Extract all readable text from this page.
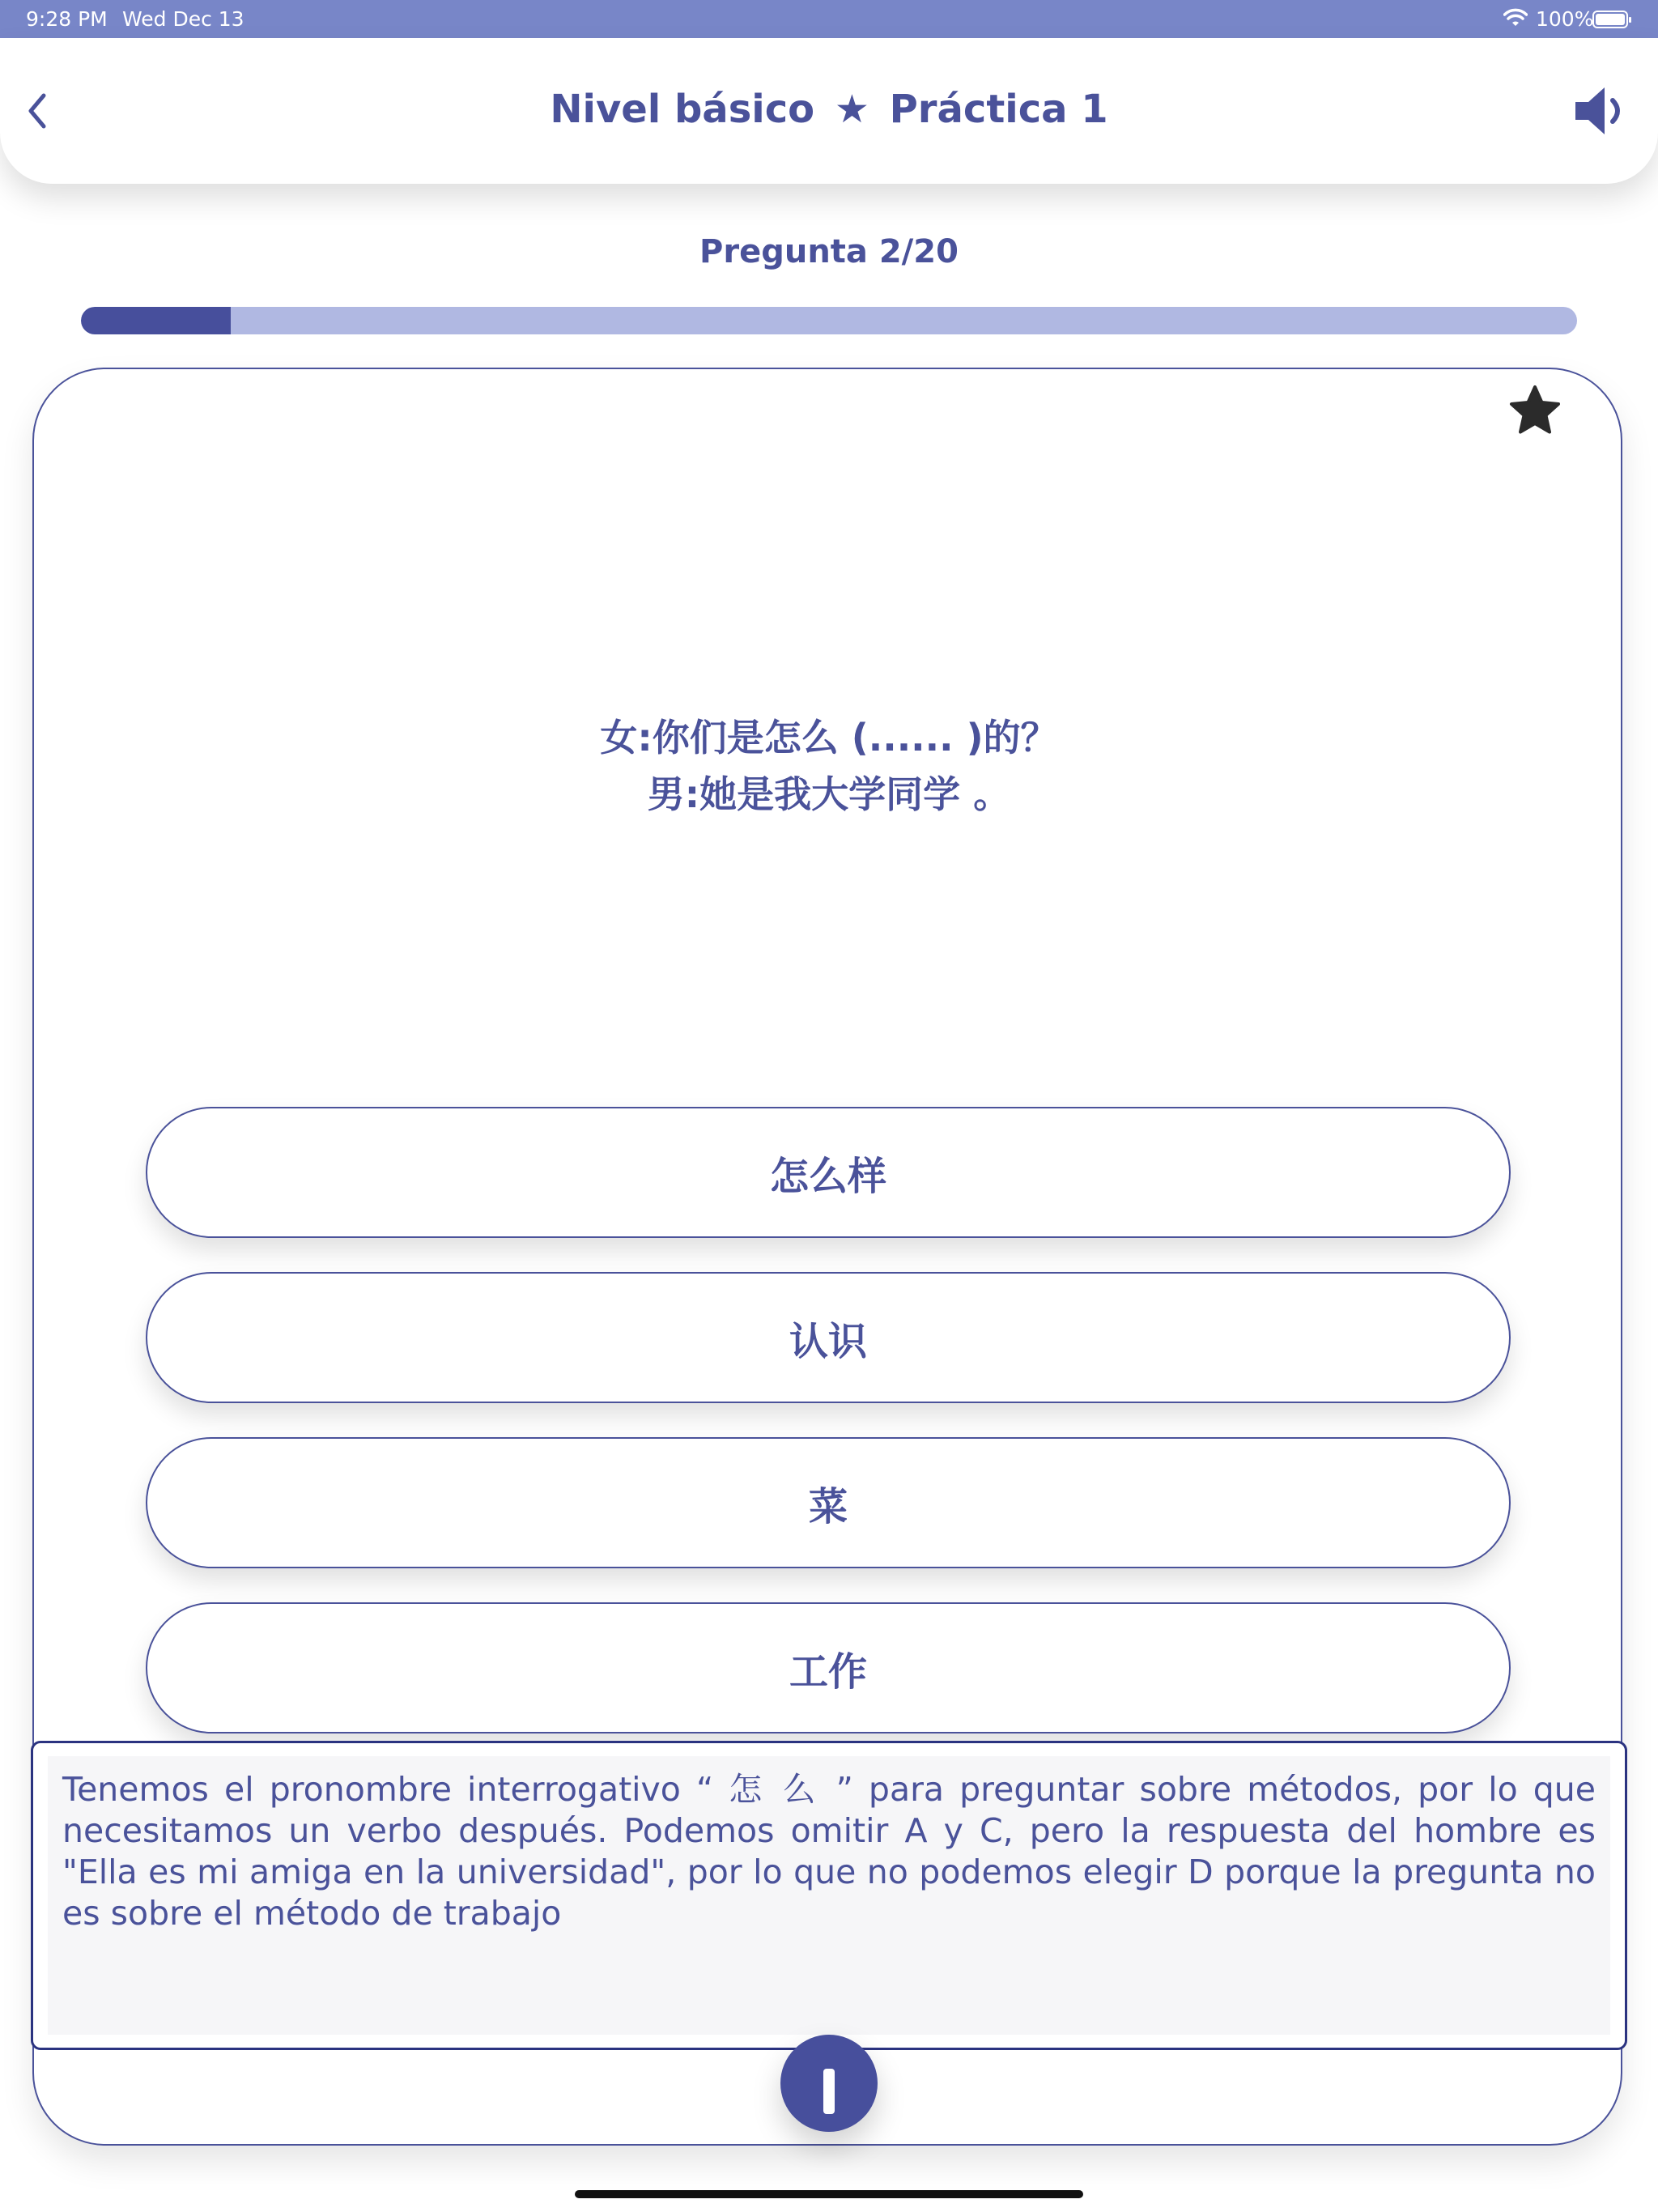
9:28 PM Wed Dec 13	100%
Nivel básico ★ Práctica 1
Pregunta 2/20
女:你们是怎么 (...... )的？
男:她是我大学同学 。
怎么样
认识
菜
工作
Tenemos el pronombre interrogativo “ 怎 么 ” para preguntar sobre métodos, por lo que necesitamos un verbo después. Podemos omitir A y C, pero la respuesta del hombre es "Ella es mi amiga en la universidad", por lo que no podemos elegir D porque la pregunta no es sobre el método de trabajo
